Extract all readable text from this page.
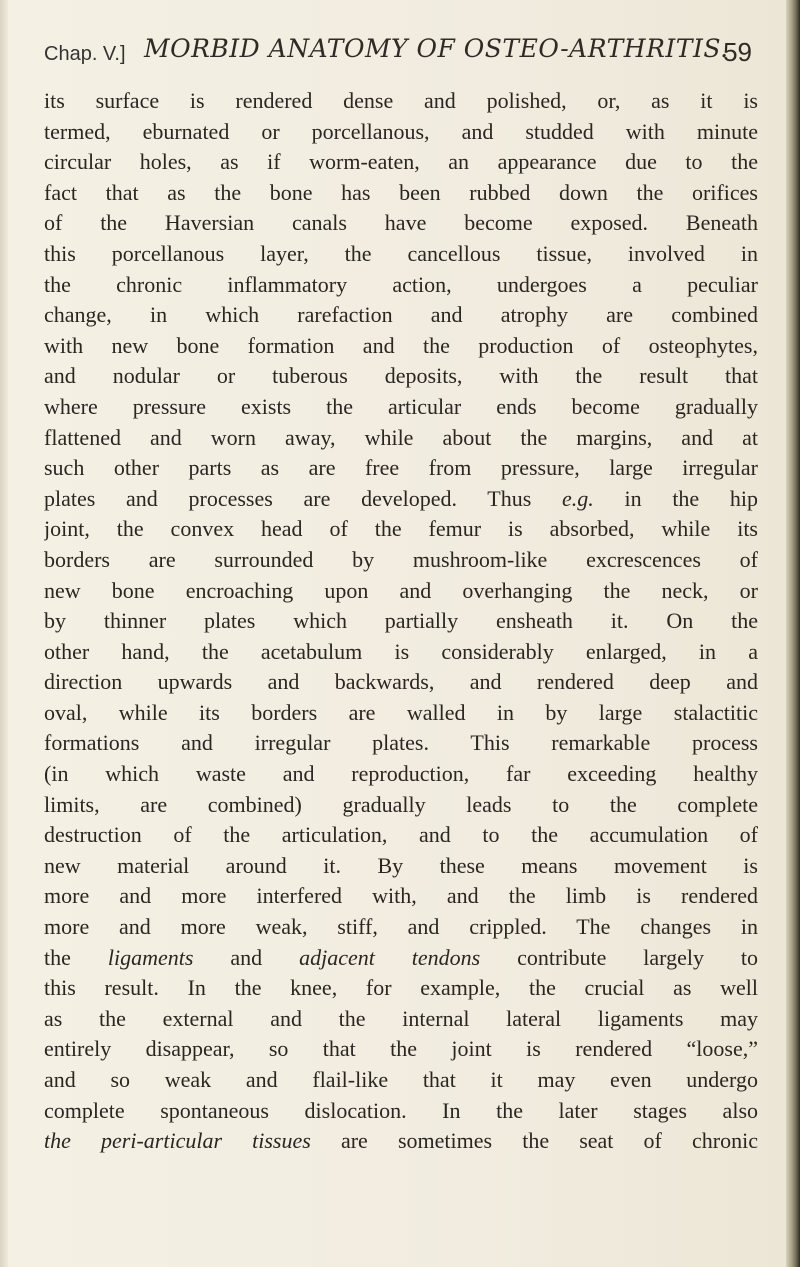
Chap. V.] MORBID ANATOMY OF OSTEO-ARTHRITIS.
59
its surface is rendered dense and polished, or, as it is
termed, eburnated or porcellanous, and studded with minute
circular holes, as if worm-eaten, an appearance due to the
fact that as the bone has been rubbed down the orifices
of the Haversian canals have become exposed. Beneath
this porcellanous layer, the cancellous tissue, involved in
the chronic inflammatory action, undergoes a peculiar
change, in which rarefaction and atrophy are combined
with new bone formation and the production of osteophytes,
and nodular or tuberous deposits, with the result that
where pressure exists the articular ends become gradually
flattened and worn away, while about the margins, and at
such other parts as are free from pressure, large irregular
plates and processes are developed. Thus e.g. in the hip
joint, the convex head of the femur is absorbed, while its
borders are surrounded by mushroom-like excrescences of
new bone encroaching upon and overhanging the neck, or
by thinner plates which partially ensheath it. On the
other hand, the acetabulum is considerably enlarged, in a
direction upwards and backwards, and rendered deep and
oval, while its borders are walled in by large stalactitic
formations and irregular plates. This remarkable process
(in which waste and reproduction, far exceeding healthy
limits, are combined) gradually leads to the complete
destruction of the articulation, and to the accumulation of
new material around it. By these means movement is
more and more interfered with, and the limb is rendered
more and more weak, stiff, and crippled. The changes in
the ligaments and adjacent tendons contribute largely to
this result. In the knee, for example, the crucial as well
as the external and the internal lateral ligaments may
entirely disappear, so that the joint is rendered “loose,”
and so weak and flail-like that it may even undergo
complete spontaneous dislocation. In the later stages also
the peri-articular tissues are sometimes the seat of chronic
